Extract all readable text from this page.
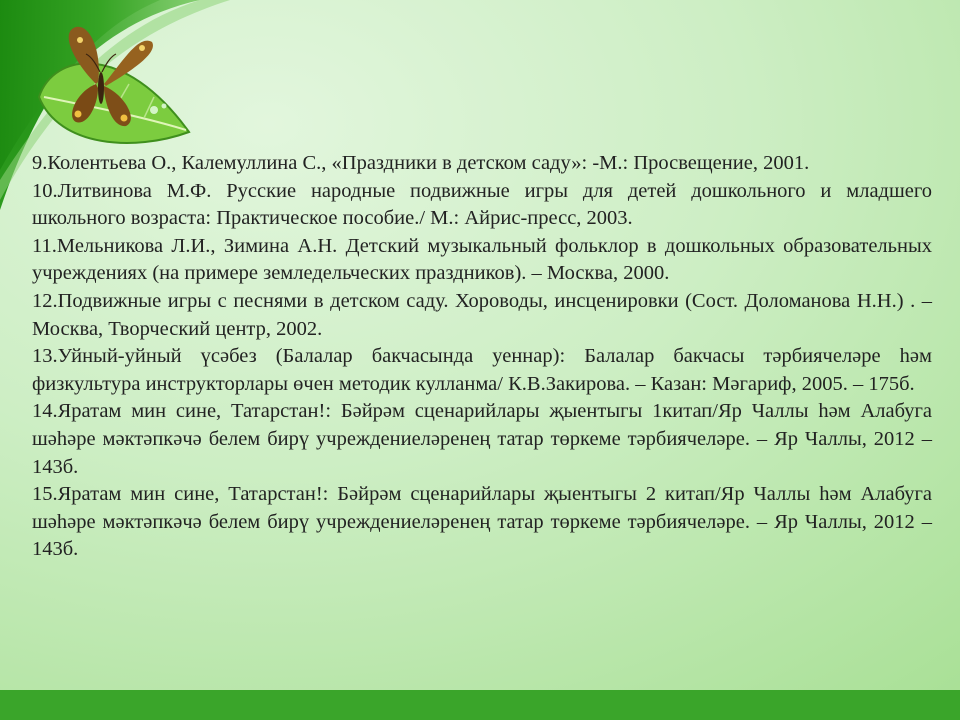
9.Колентьева О., Калемуллина С., «Праздники в детском саду»: -М.: Просвещение, 2001.

10.Литвинова М.Ф. Русские народные подвижные игры для детей дошкольного и младшего школьного возраста: Практическое пособие./ М.: Айрис-пресс, 2003.

11.Мельникова Л.И., Зимина А.Н. Детский музыкальный фольклор в дошкольных образовательных учреждениях (на примере земледельческих праздников). – Москва, 2000.

12.Подвижные игры с песнями в детском саду. Хороводы, инсценировки (Сост. Доломанова Н.Н.) . – Москва, Творческий центр, 2002.

13.Уйный-уйный үсәбез (Балалар бакчасында уеннар): Балалар бакчасы тәрбиячеләре һәм физкультура инструкторлары өчен методик кулланма/ К.В.Закирова. – Казан: Мәгариф, 2005. – 175б.

14.Яратам мин сине, Татарстан!: Бәйрәм сценарийлары җыентыгы 1китап/Яр Чаллы һәм Алабуга шәһәре мәктәпкәчә белем бирү учреждениеләренең татар төркеме тәрбиячеләре. – Яр Чаллы, 2012 – 143б.

15.Яратам мин сине, Татарстан!: Бәйрәм сценарийлары җыентыгы 2 китап/Яр Чаллы һәм Алабуга шәһәре мәктәпкәчә белем бирү учреждениеләренең татар төркеме тәрбиячеләре. – Яр Чаллы, 2012 – 143б.
